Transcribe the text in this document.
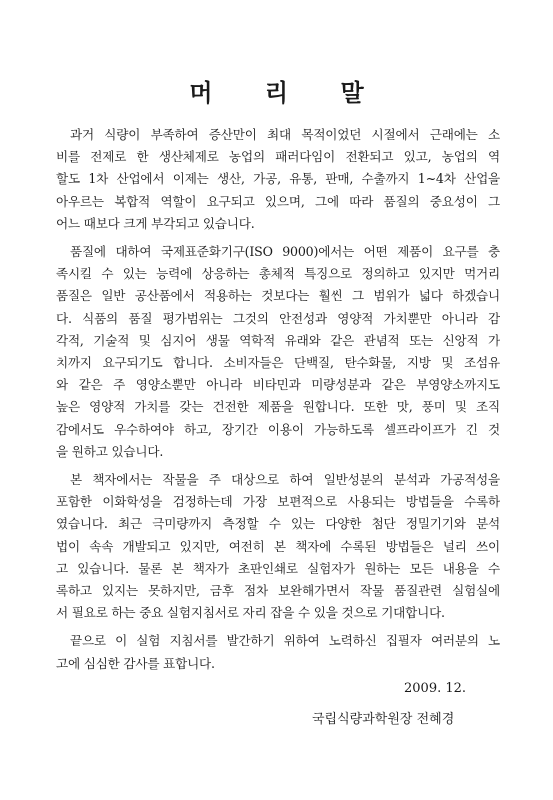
머 리 말
과거 식량이 부족하여 증산만이 최대 목적이었던 시절에서 근래에는 소
비를 전제로 한 생산체제로 농업의 패러다임이 전환되고 있고, 농업의 역
할도 1차 산업에서 이제는 생산, 가공, 유통, 판매, 수출까지 1~4차 산업을
아우르는 복합적 역할이 요구되고 있으며, 그에 따라 품질의 중요성이 그
어느 때보다 크게 부각되고 있습니다.
품질에 대하여 국제표준화기구(ISO 9000)에서는 어떤 제품이 요구를 충
족시킬 수 있는 능력에 상응하는 총체적 특징으로 정의하고 있지만 먹거리
품질은 일반 공산품에서 적용하는 것보다는 훨씬 그 범위가 넓다 하겠습니
다. 식품의 품질 평가범위는 그것의 안전성과 영양적 가치뿐만 아니라 감
각적, 기술적 및 심지어 생물 역학적 유래와 같은 관념적 또는 신앙적 가
치까지 요구되기도 합니다. 소비자들은 단백질, 탄수화물, 지방 및 조섬유
와 같은 주 영양소뿐만 아니라 비타민과 미량성분과 같은 부영양소까지도
높은 영양적 가치를 갖는 건전한 제품을 원합니다. 또한 맛, 풍미 및 조직
감에서도 우수하여야 하고, 장기간 이용이 가능하도록 셀프라이프가 긴 것
을 원하고 있습니다.
본 책자에서는 작물을 주 대상으로 하여 일반성분의 분석과 가공적성을
포함한 이화학성을 검정하는데 가장 보편적으로 사용되는 방법들을 수록하
였습니다. 최근 극미량까지 측정할 수 있는 다양한 첨단 정밀기기와 분석
법이 속속 개발되고 있지만, 여전히 본 책자에 수록된 방법들은 널리 쓰이
고 있습니다. 물론 본 책자가 초판인쇄로 실험자가 원하는 모든 내용을 수
록하고 있지는 못하지만, 금후 점차 보완해가면서 작물 품질관련 실험실에
서 필요로 하는 중요 실험지침서로 자리 잡을 수 있을 것으로 기대합니다.
끝으로 이 실험 지침서를 발간하기 위하여 노력하신 집필자 여러분의 노
고에 심심한 감사를 표합니다.
2009. 12.
국립식량과학원장 전혜경
